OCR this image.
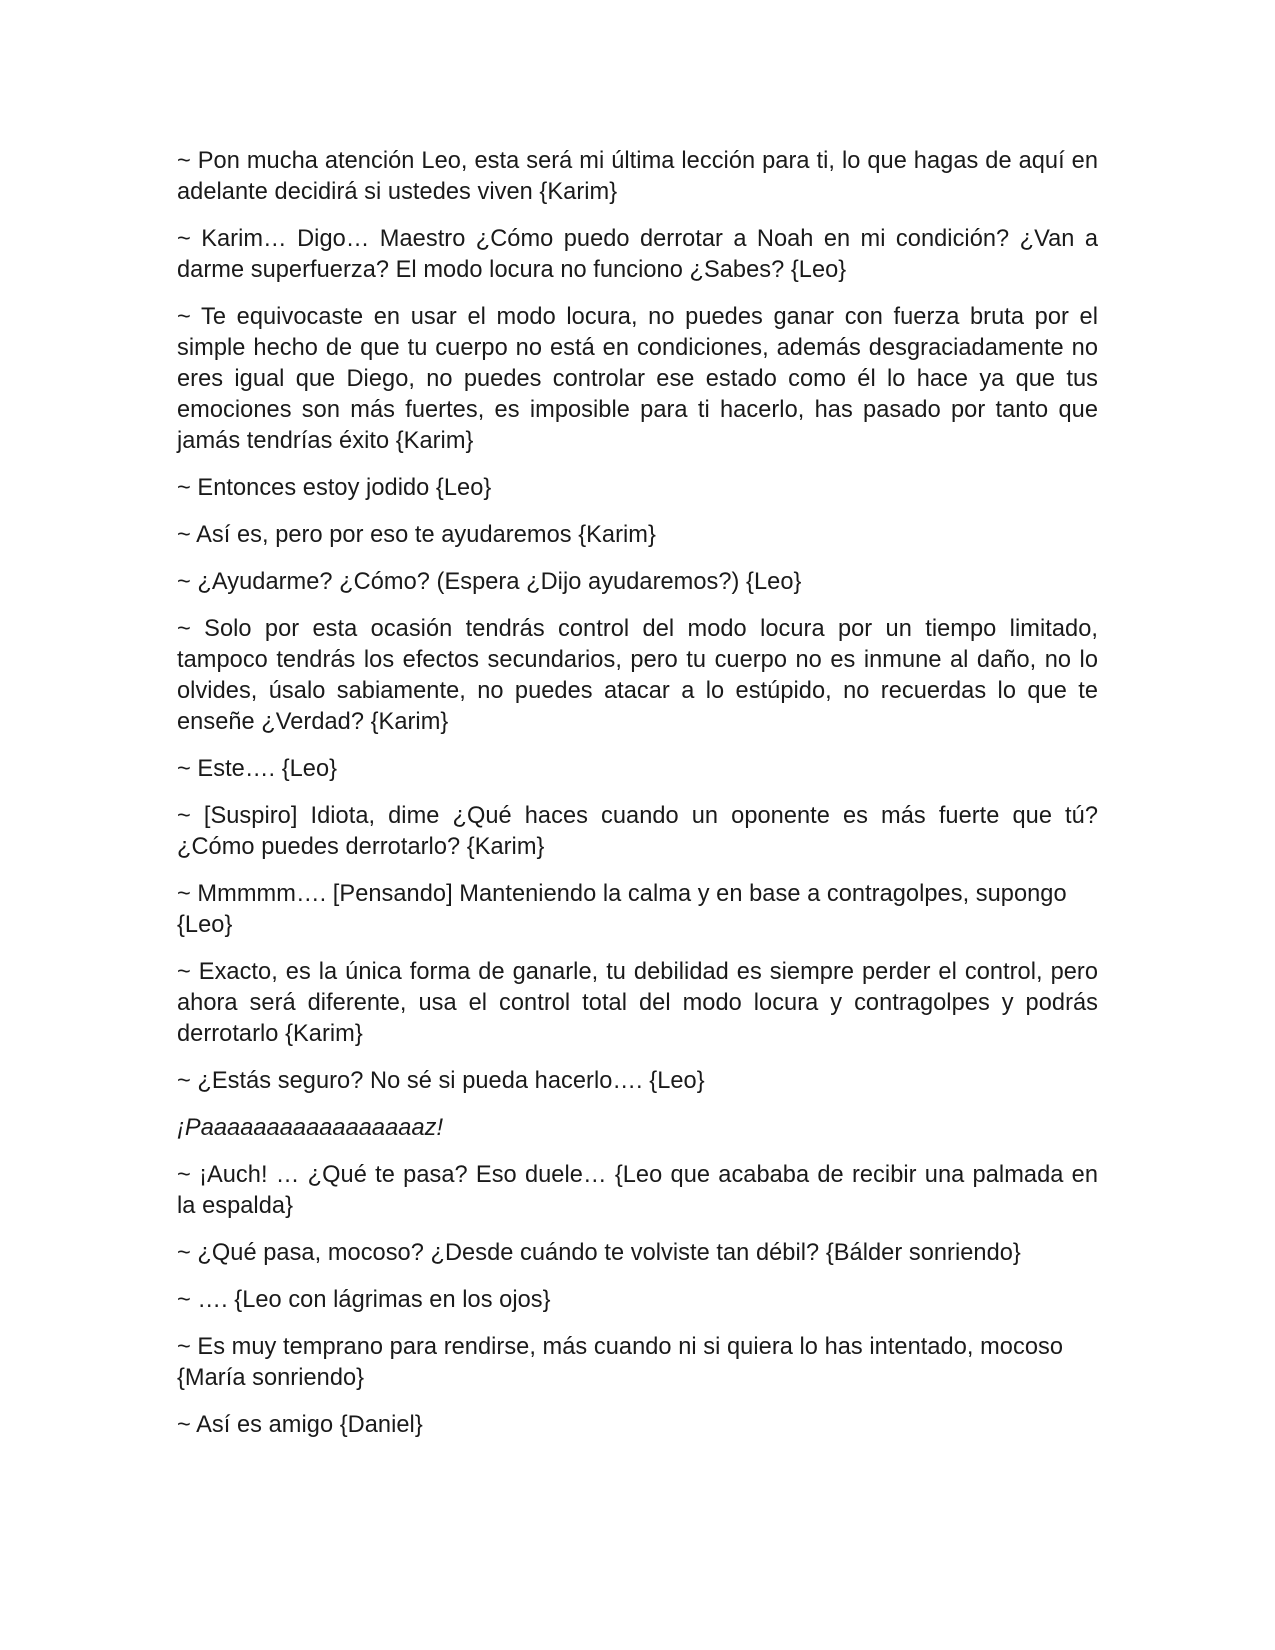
~ Pon mucha atención Leo, esta será mi última lección para ti, lo que hagas de aquí en adelante decidirá si ustedes viven {Karim}

~ Karim… Digo… Maestro ¿Cómo puedo derrotar a Noah en mi condición? ¿Van a darme superfuerza? El modo locura no funciono ¿Sabes? {Leo}

~ Te equivocaste en usar el modo locura, no puedes ganar con fuerza bruta por el simple hecho de que tu cuerpo no está en condiciones, además desgraciadamente no eres igual que Diego, no puedes controlar ese estado como él lo hace ya que tus emociones son más fuertes, es imposible para ti hacerlo, has pasado por tanto que jamás tendrías éxito {Karim}

~ Entonces estoy jodido {Leo}

~ Así es, pero por eso te ayudaremos {Karim}

~ ¿Ayudarme? ¿Cómo? (Espera ¿Dijo ayudaremos?) {Leo}

~ Solo por esta ocasión tendrás control del modo locura por un tiempo limitado, tampoco tendrás los efectos secundarios, pero tu cuerpo no es inmune al daño, no lo olvides, úsalo sabiamente, no puedes atacar a lo estúpido, no recuerdas lo que te enseñe ¿Verdad? {Karim}

~ Este…. {Leo}

~ [Suspiro] Idiota, dime ¿Qué haces cuando un oponente es más fuerte que tú? ¿Cómo puedes derrotarlo? {Karim}

~ Mmmmm…. [Pensando] Manteniendo la calma y en base a contragolpes, supongo {Leo}

~ Exacto, es la única forma de ganarle, tu debilidad es siempre perder el control, pero ahora será diferente, usa el control total del modo locura y contragolpes y podrás derrotarlo {Karim}

~ ¿Estás seguro? No sé si pueda hacerlo…. {Leo}

¡Paaaaaaaaaaaaaaaaaz!

~ ¡Auch! … ¿Qué te pasa? Eso duele… {Leo que acababa de recibir una palmada en la espalda}

~ ¿Qué pasa, mocoso? ¿Desde cuándo te volviste tan débil? {Bálder sonriendo}

~ …. {Leo con lágrimas en los ojos}

~ Es muy temprano para rendirse, más cuando ni si quiera lo has intentado, mocoso {María sonriendo}

~ Así es amigo {Daniel}
